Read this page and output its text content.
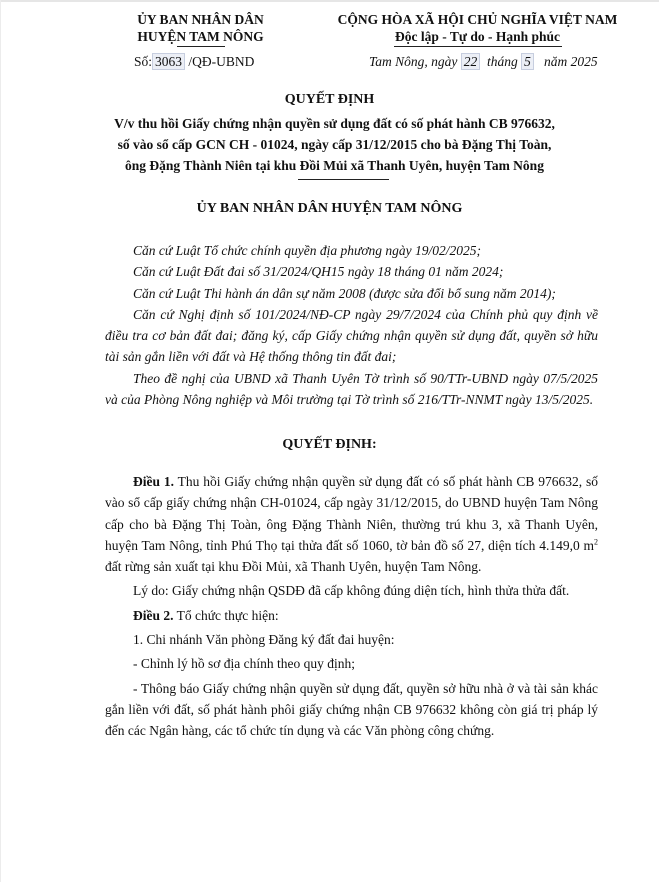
ỦY BAN NHÂN DÂN
HUYỆN TAM NÔNG
CỘNG HÒA XÃ HỘI CHỦ NGHĨA VIỆT NAM
Độc lập - Tự do - Hạnh phúc
Số: 3063 /QĐ-UBND	Tam Nông, ngày 22 tháng 5 năm 2025
QUYẾT ĐỊNH
V/v thu hồi Giấy chứng nhận quyền sử dụng đất có số phát hành CB 976632,
số vào sổ cấp GCN CH - 01024, ngày cấp 31/12/2015 cho bà Đặng Thị Toàn,
ông Đặng Thành Niên tại khu Đồi Mủi xã Thanh Uyên, huyện Tam Nông
ỦY BAN NHÂN DÂN HUYỆN TAM NÔNG

Căn cứ Luật Tổ chức chính quyền địa phương ngày 19/02/2025;

Căn cứ Luật Đất đai số 31/2024/QH15 ngày 18 tháng 01 năm 2024;

Căn cứ Luật Thi hành án dân sự năm 2008 (được sửa đổi bổ sung năm 2014);

Căn cứ Nghị định số 101/2024/NĐ-CP ngày 29/7/2024 của Chính phủ quy định về điều tra cơ bản đất đai; đăng ký, cấp Giấy chứng nhận quyền sử dụng đất, quyền sở hữu tài sản gắn liền với đất và Hệ thống thông tin đất đai;

Theo đề nghị của UBND xã Thanh Uyên Tờ trình số 90/TTr-UBND ngày 07/5/2025 và của Phòng Nông nghiệp và Môi trường tại Tờ trình số 216/TTr-NNMT ngày 13/5/2025.

QUYẾT ĐỊNH:

Điều 1. Thu hồi Giấy chứng nhận quyền sử dụng đất có số phát hành CB 976632, số vào sổ cấp giấy chứng nhận CH-01024, cấp ngày 31/12/2015, do UBND huyện Tam Nông cấp cho bà Đặng Thị Toàn, ông Đặng Thành Niên, thường trú khu 3, xã Thanh Uyên, huyện Tam Nông, tỉnh Phú Thọ tại thửa đất số 1060, tờ bản đồ số 27, diện tích 4.149,0 $m^2$ đất rừng sản xuất tại khu Đồi Mủi, xã Thanh Uyên, huyện Tam Nông.

Lý do: Giấy chứng nhận QSDĐ đã cấp không đúng diện tích, hình thửa thửa đất.

Điều 2. Tổ chức thực hiện:

1. Chi nhánh Văn phòng Đăng ký đất đai huyện:

- Chỉnh lý hồ sơ địa chính theo quy định;

- Thông báo Giấy chứng nhận quyền sử dụng đất, quyền sở hữu nhà ở và tài sản khác gắn liền với đất, số phát hành phôi giấy chứng nhận CB 976632 không còn giá trị pháp lý đến các Ngân hàng, các tổ chức tín dụng và các Văn phòng công chứng.
